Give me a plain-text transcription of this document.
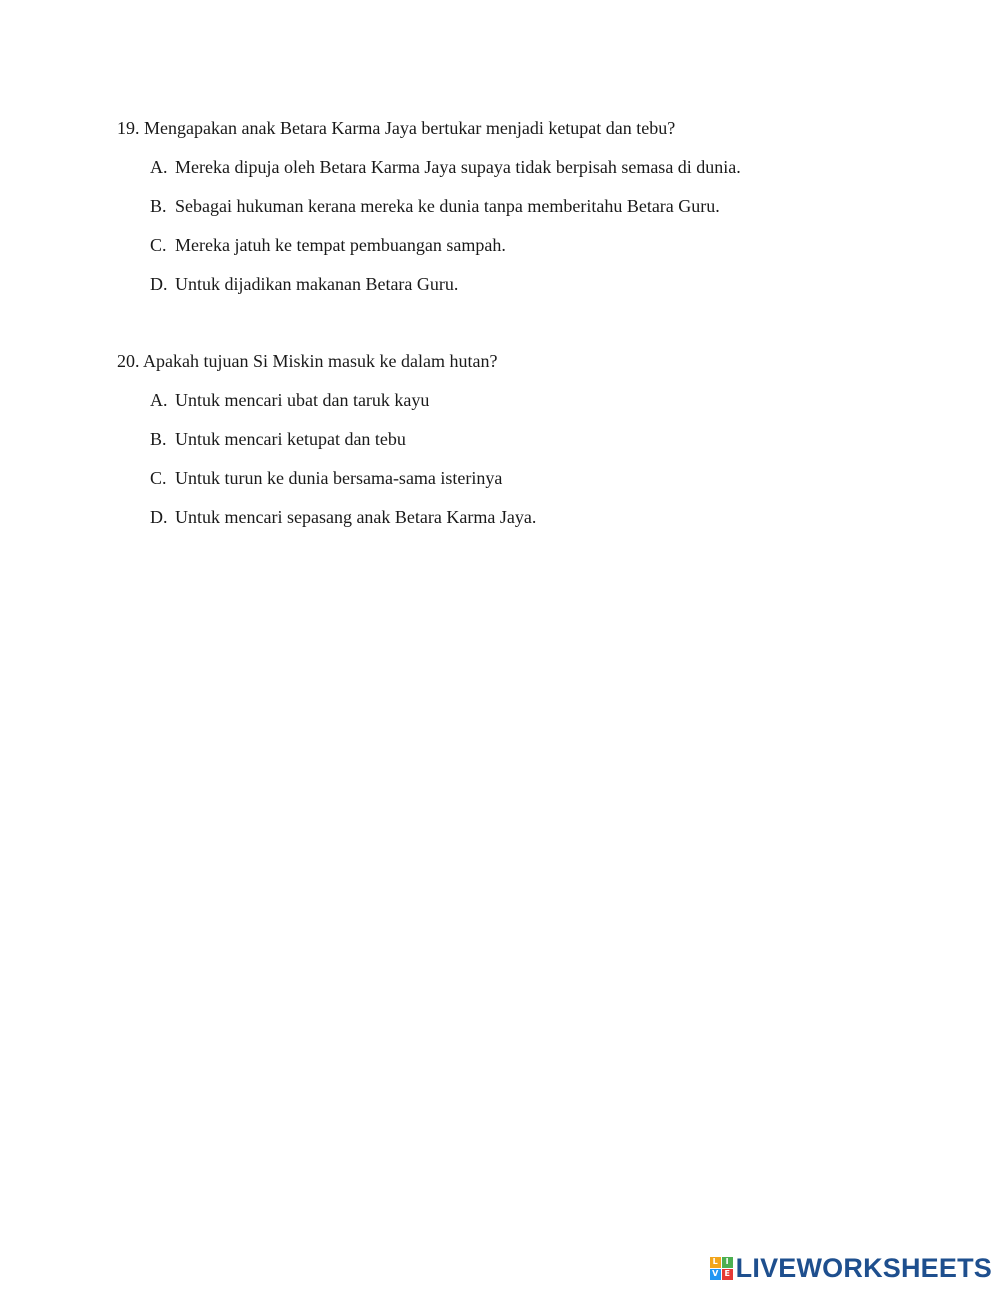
19. Mengapakan anak Betara Karma Jaya bertukar menjadi ketupat dan tebu?
A. Mereka dipuja oleh Betara Karma Jaya supaya tidak berpisah semasa di dunia.
B. Sebagai hukuman kerana mereka ke dunia tanpa memberitahu Betara Guru.
C. Mereka jatuh ke tempat pembuangan sampah.
D. Untuk dijadikan makanan Betara Guru.
20. Apakah tujuan Si Miskin masuk ke dalam hutan?
A. Untuk mencari ubat dan taruk kayu
B. Untuk mencari ketupat dan tebu
C. Untuk turun ke dunia bersama-sama isterinya
D. Untuk mencari sepasang anak Betara Karma Jaya.
L I
V E LIVEWORKSHEETS
